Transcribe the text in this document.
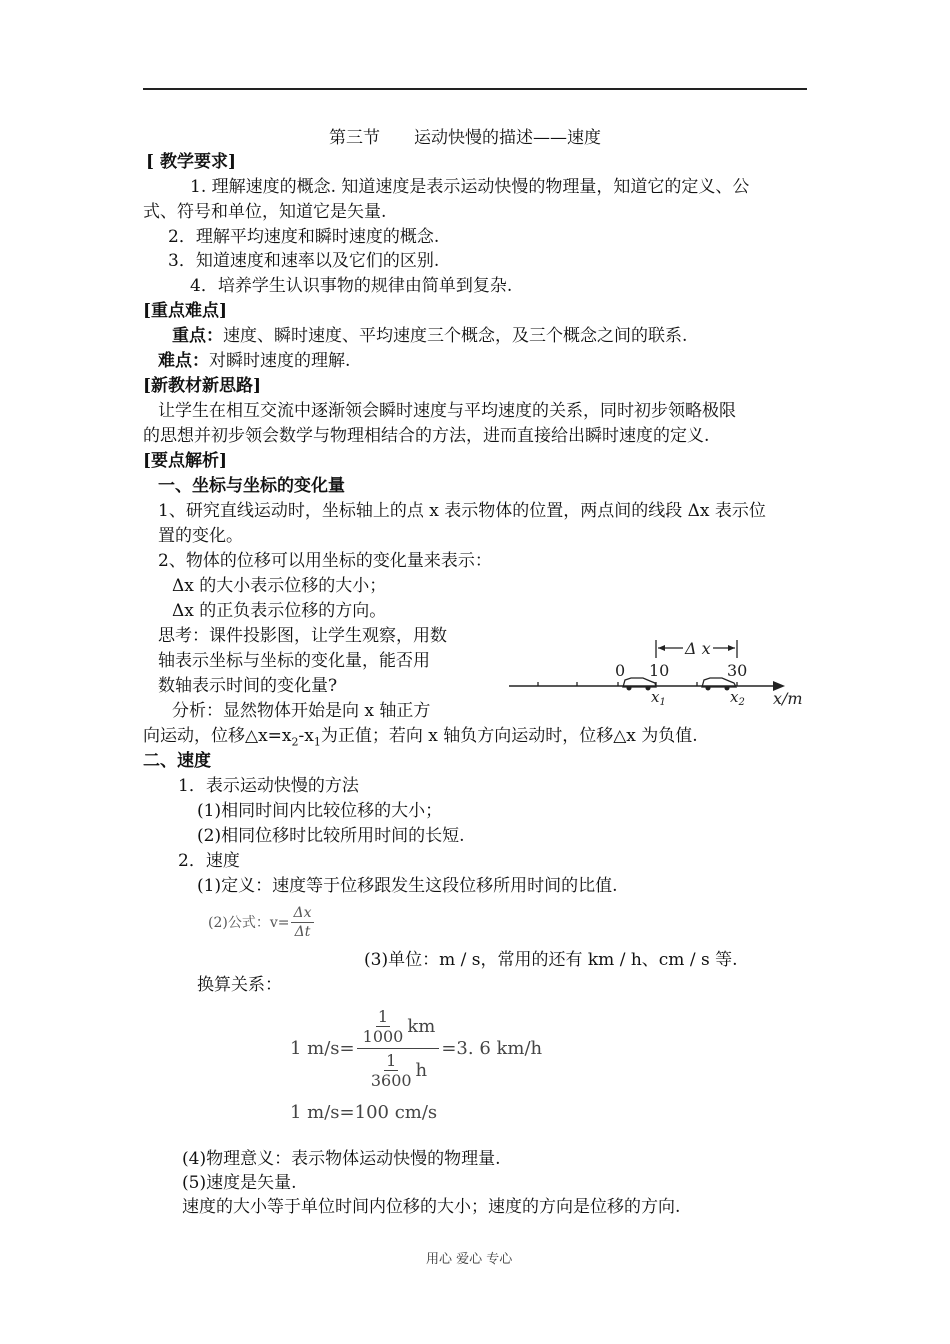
第三节 运动快慢的描述——速度
[ 教学要求]
1. 理解速度的概念. 知道速度是表示运动快慢的物理量，知道它的定义、公
式、符号和单位，知道它是矢量.
2．理解平均速度和瞬时速度的概念.
3．知道速度和速率以及它们的区别.
4．培养学生认识事物的规律由简单到复杂.
[重点难点]
重点：速度、瞬时速度、平均速度三个概念，及三个概念之间的联系.
难点：对瞬时速度的理解.
[新教材新思路]
让学生在相互交流中逐渐领会瞬时速度与平均速度的关系，同时初步领略极限
的思想并初步领会数学与物理相结合的方法，进而直接给出瞬时速度的定义.
[要点解析]
一、坐标与坐标的变化量
1、研究直线运动时，坐标轴上的点 x 表示物体的位置，两点间的线段 Δx 表示位
置的变化。
2、物体的位移可以用坐标的变化量来表示：
Δx 的大小表示位移的大小；
Δx 的正负表示位移的方向。
思考：课件投影图，让学生观察，用数
轴表示坐标与坐标的变化量，能否用
数轴表示时间的变化量?
分析：显然物体开始是向 x 轴正方
向运动，位移$\triangle x=x_2-x_1$为正值；若向 x 轴负方向运动时，位移△x 为负值.
Δ x
0 10	30
$x_1$	$x_2$ x/m
二、速度
1．表示运动快慢的方法
(1)相同时间内比较位移的大小；
(2)相同位移时比较所用时间的长短.
2．速度
(1)定义：速度等于位移跟发生这段位移所用时间的比值.
(2)公式：$v= \frac{\Delta x}{\Delta t}$
(3)单位：m / s，常用的还有 km / h、cm / s 等.
换算关系：
1 m/s= 1
1000 km
1
3600 h =3. 6 km/h
1 m/s=100 cm/s
(4)物理意义：表示物体运动快慢的物理量.
(5)速度是矢量.
速度的大小等于单位时间内位移的大小；速度的方向是位移的方向.
用心 爱心 专心
